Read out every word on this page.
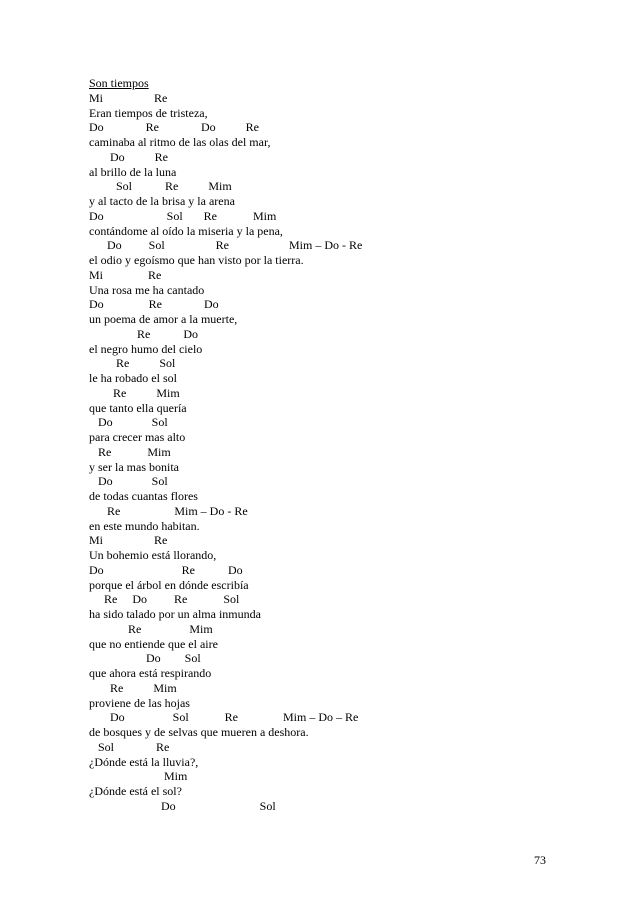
Son tiempos
Mi                 Re
Eran tiempos de tristeza,
Do              Re              Do          Re
caminaba al ritmo de las olas del mar,
Do          Re
al brillo de la luna
Sol           Re          Mim
y al tacto de la brisa y la arena
Do                     Sol       Re            Mim
contándome al oído la miseria y la pena,
Do         Sol                 Re                    Mim – Do - Re
el odio y egoísmo que han visto por la tierra.
Mi               Re
Una rosa me ha cantado
Do               Re              Do
un poema de amor a la muerte,
Re           Do
el negro humo del cielo
Re          Sol
le ha robado el sol
Re          Mim
que tanto ella quería
Do             Sol
para crecer mas alto
Re            Mim
y ser la mas bonita
Do             Sol
de todas cuantas flores
Re                  Mim – Do - Re
en este mundo habitan.
Mi                 Re
Un bohemio está llorando,
Do                          Re           Do
porque el árbol en dónde escribía
Re     Do         Re            Sol
ha sido talado por un alma inmunda
Re                Mim
que no entiende que el aire
Do        Sol
que ahora está respirando
Re          Mim
proviene de las hojas
Do                Sol            Re               Mim – Do – Re
de bosques y de selvas que mueren a deshora.
Sol              Re
¿Dónde está la lluvia?,
Mim
¿Dónde está el sol?
Do                            Sol
73
